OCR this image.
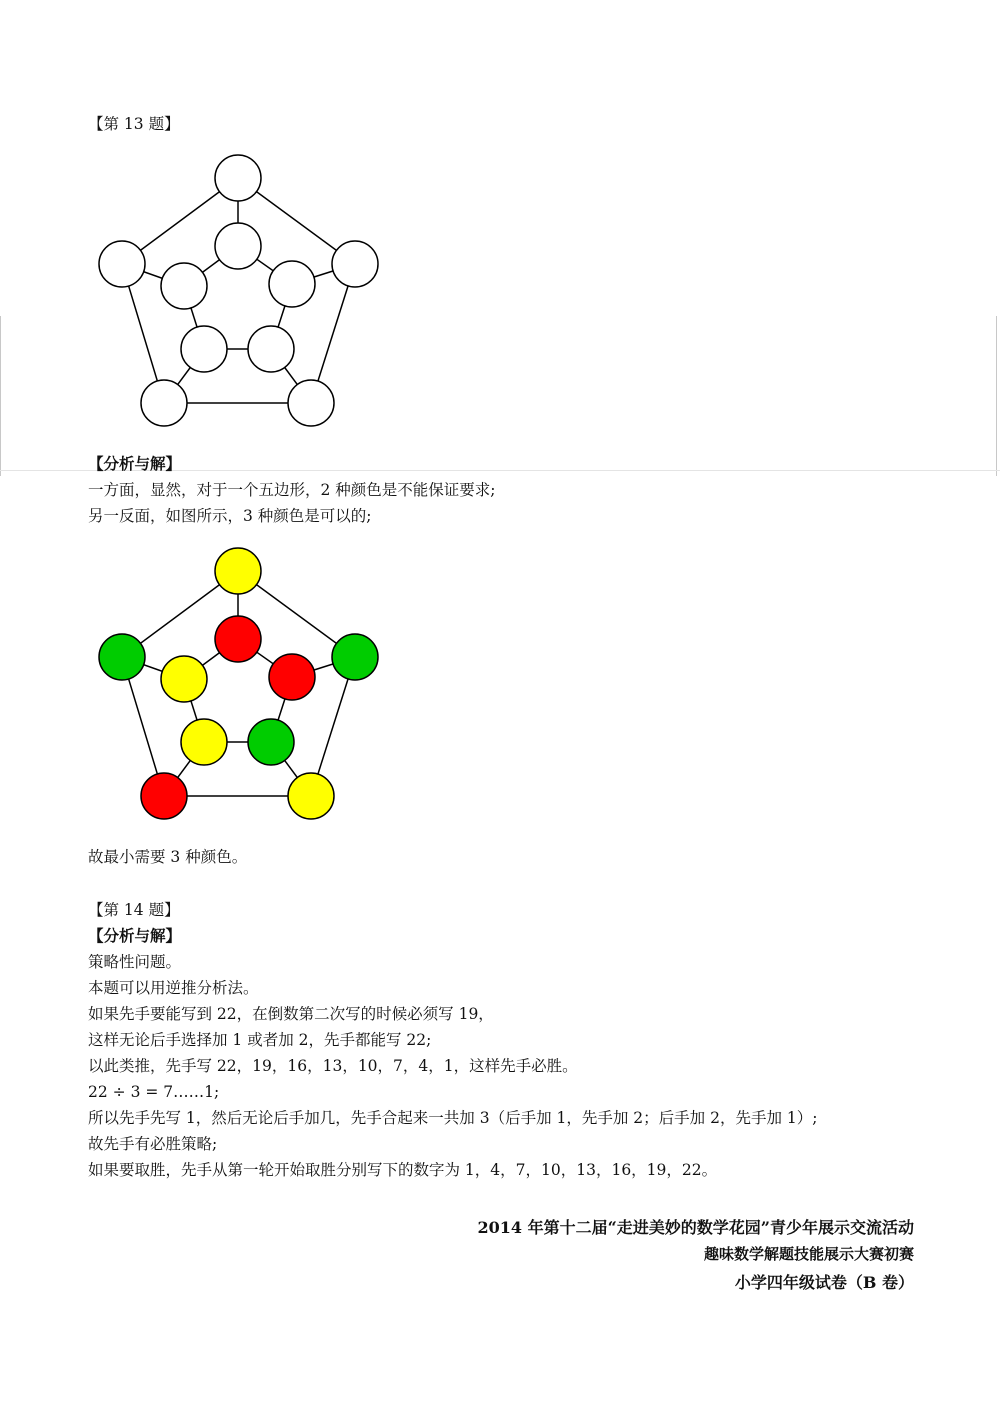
【第 13 题】
【分析与解】
一方面，显然，对于一个五边形，2 种颜色是不能保证要求;
另一反面，如图所示，3 种颜色是可以的;
故最小需要 3 种颜色。
【第 14 题】
【分析与解】
策略性问题。
本题可以用逆推分析法。
如果先手要能写到 22，在倒数第二次写的时候必须写 19，
这样无论后手选择加 1 或者加 2，先手都能写 22;
以此类推，先手写 22，19，16，13，10，7，4，1，这样先手必胜。
22 ÷ 3 = 7……1;
所以先手先写 1，然后无论后手加几，先手合起来一共加 3（后手加 1，先手加 2；后手加 2，先手加 1）;
故先手有必胜策略;
如果要取胜，先手从第一轮开始取胜分别写下的数字为 1，4，7，10，13，16，19，22。
2014 年第十二届“走进美妙的数学花园”青少年展示交流活动
趣味数学解题技能展示大赛初赛
小学四年级试卷（B 卷）
